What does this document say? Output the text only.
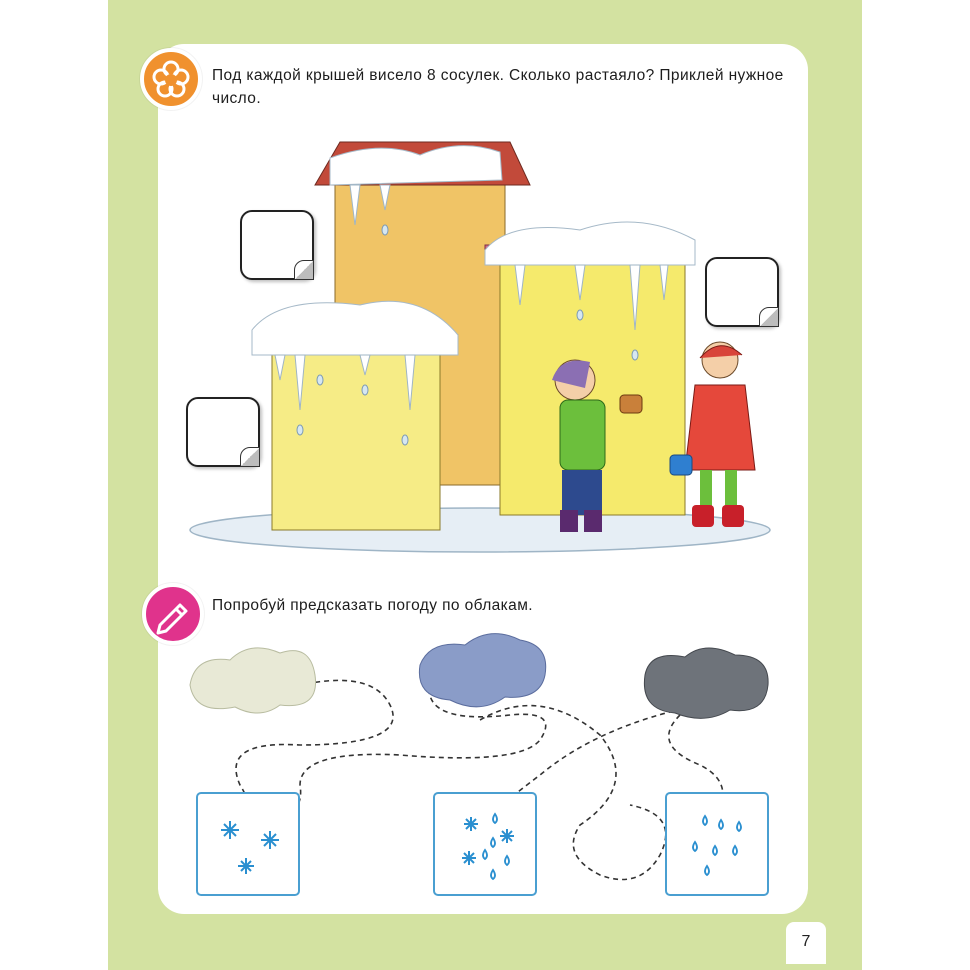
Под каждой крышей висело 8 сосулек. Сколько растаяло? Приклей нужное число.
Попробуй предсказать погоду по облакам.
7
